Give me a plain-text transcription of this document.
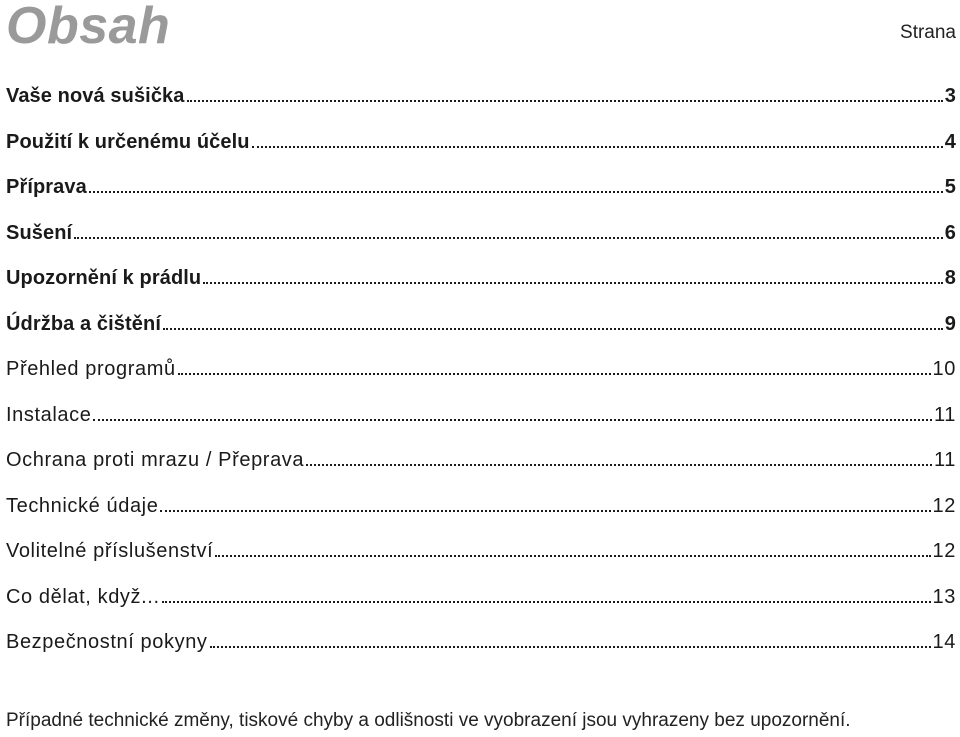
Obsah	Strana
Vaše nová sušička	3
Použití k určenému účelu	4
Příprava	5
Sušení	6
Upozornění k prádlu	8
Údržba a čištění	9
Přehled programů	10
Instalace	11
Ochrana proti mrazu / Přeprava	11
Technické údaje	12
Volitelné příslušenství	12
Co dělat, když...	13
Bezpečnostní pokyny	14
Případné technické změny, tiskové chyby a odlišnosti ve vyobrazení jsou vyhrazeny bez upozornění.
